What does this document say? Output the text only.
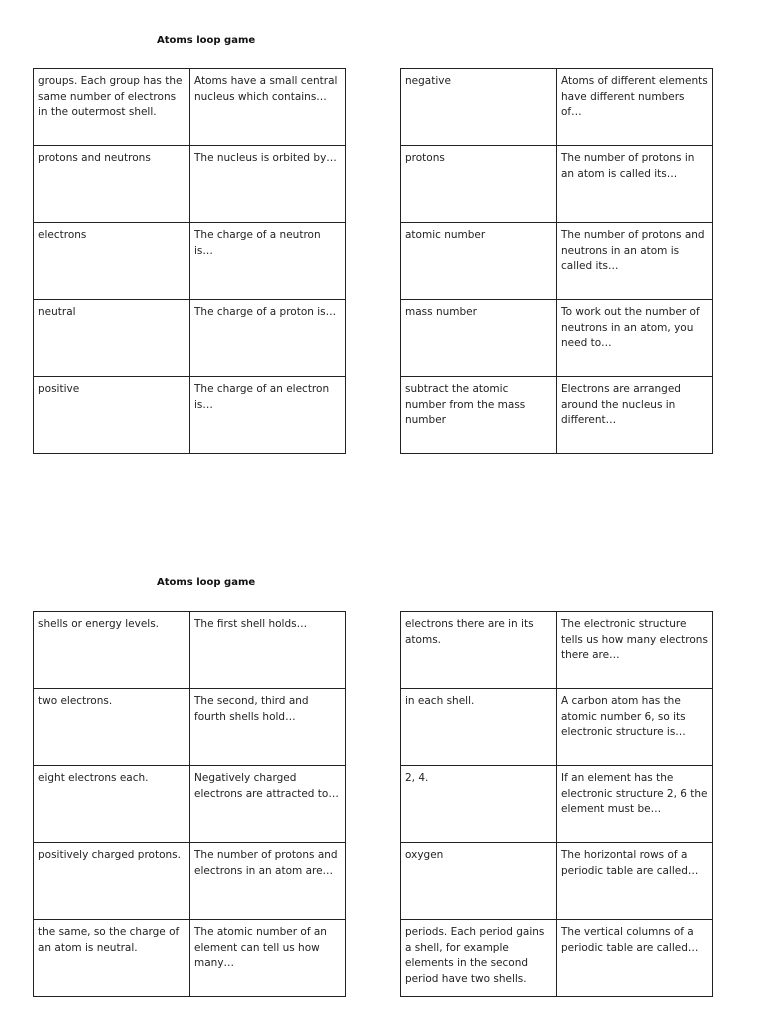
Atoms loop game
groups. Each group has the same number of electrons in the outermost shell.	Atoms have a small central nucleus which contains…
protons and neutrons	The nucleus is orbited by…
electrons	The charge of a neutron is…
neutral	The charge of a proton is…
positive	The charge of an electron is…
negative	Atoms of different elements have different numbers of…
protons	The number of protons in an atom is called its…
atomic number	The number of protons and neutrons in an atom is called its…
mass number	To work out the number of neutrons in an atom, you need to…
subtract the atomic number from the mass number	Electrons are arranged around the nucleus in different…
Atoms loop game
shells or energy levels.	The first shell holds…
two electrons.	The second, third and fourth shells hold…
eight electrons each.	Negatively charged electrons are attracted to…
positively charged protons.	The number of protons and electrons in an atom are…
the same, so the charge of an atom is neutral.	The atomic number of an element can tell us how many…
electrons there are in its atoms.	The electronic structure tells us how many electrons there are…
in each shell.	A carbon atom has the atomic number 6, so its electronic structure is…
2, 4.	If an element has the electronic structure 2, 6 the element must be…
oxygen	The horizontal rows of a periodic table are called…
periods. Each period gains a shell, for example elements in the second period have two shells.	The vertical columns of a periodic table are called…
